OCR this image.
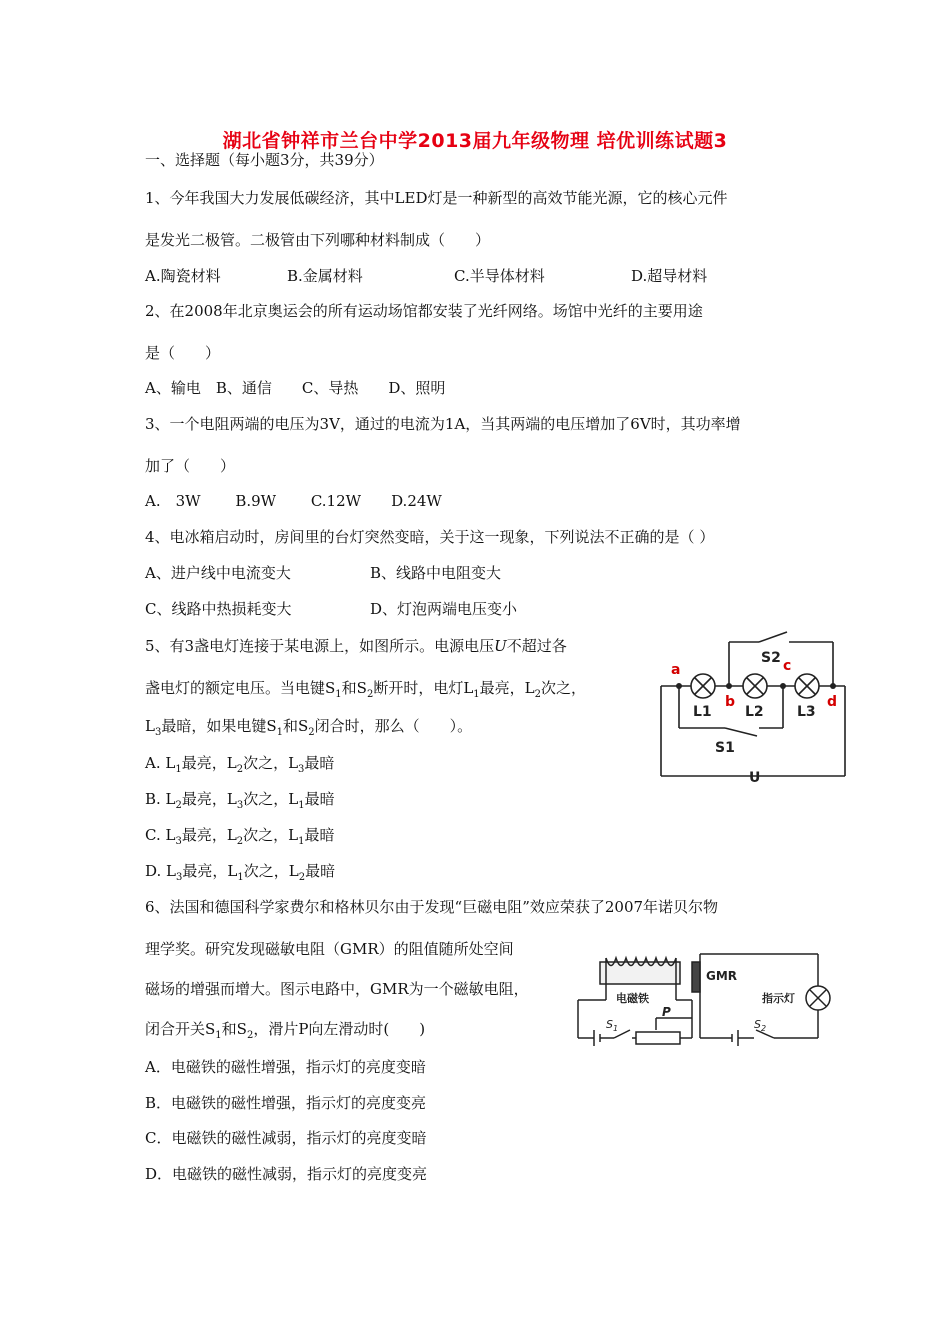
湖北省钟祥市兰台中学2013届九年级物理 培优训练试题3
一、选择题（每小题3分，共39分）
1、今年我国大力发展低碳经济，其中LED灯是一种新型的高效节能光源，它的核心元件
是发光二极管。二极管由下列哪种材料制成（　　）
A.陶瓷材料	B.金属材料	C.半导体材料	D.超导材料
2、在2008年北京奥运会的所有运动场馆都安装了光纤网络。场馆中光纤的主要用途
是（　　）
A、输电　B、通信　　C、导热　　D、照明
3、一个电阻两端的电压为3V，通过的电流为1A，当其两端的电压增加了6V时，其功率增
加了（　　）
A.　3W　　 B.9W　　 C.12W　　D.24W
4、电冰箱启动时，房间里的台灯突然变暗，关于这一现象，下列说法不正确的是（ ）
A、进户线中电流变大	B、线路中电阻变大
C、线路中热损耗变大	D、灯泡两端电压变小
5、有3盏电灯连接于某电源上，如图所示。电源电压U不超过各
盏电灯的额定电压。当电键$S_1$和$S_2$断开时，电灯$L_1$最亮，$L_2$次之，
$L_3$最暗，如果电键$S_1$和$S_2$闭合时，那么（　　）。
A. $L_1$最亮，$L_2$次之，$L_3$最暗
B. $L_2$最亮，$L_3$次之，$L_1$最暗
C. $L_3$最亮，$L_2$次之，$L_1$最暗
D. $L_3$最亮，$L_1$次之，$L_2$最暗
a
b
c
d
L1 L2 L3
S1
S2
U
6、法国和德国科学家费尔和格林贝尔由于发现“巨磁电阻”效应荣获了2007年诺贝尔物
理学奖。研究发现磁敏电阻（GMR）的阻值随所处空间
磁场的增强而增大。图示电路中，GMR为一个磁敏电阻，
闭合开关$S_1$和$S_2$，滑片P向左滑动时(　　)
A．电磁铁的磁性增强，指示灯的亮度变暗
B．电磁铁的磁性增强，指示灯的亮度变亮
C．电磁铁的磁性减弱，指示灯的亮度变暗
D．电磁铁的磁性减弱，指示灯的亮度变亮
GMR
电磁铁	指示灯
P
$S_1$	$S_2$
